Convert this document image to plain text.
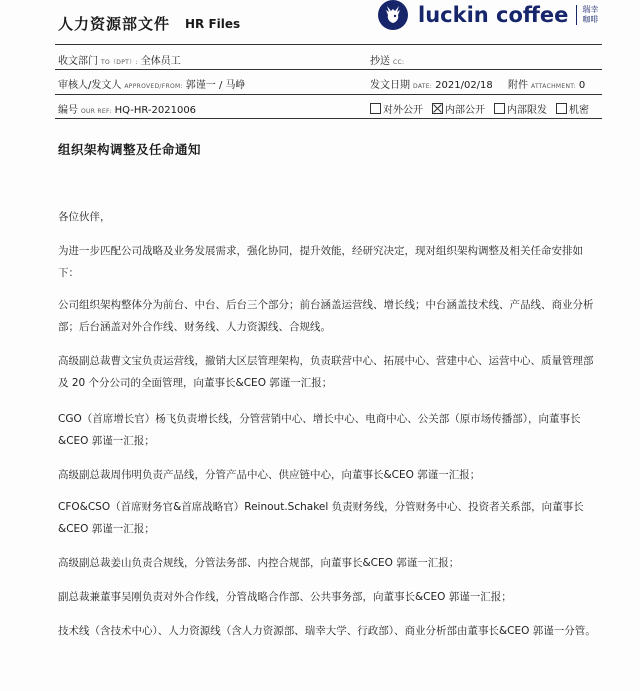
人力资源部文件 HR Files	luckin coffee	瑞幸咖啡
收文部门 TO（DPT）: 全体员工	抄送 CC:
审核人/发文人 APPROVED/FROM: 郭谨一 / 马峥	发文日期 DATE: 2021/02/18 附件 ATTACHMENT: 0
编号 OUR REF: HQ-HR-2021006	对外公开 内部公开 内部限发 机密
组织架构调整及任命通知
各位伙伴，
为进一步匹配公司战略及业务发展需求，强化协同，提升效能，经研究决定，现对组织架构调整及相关任命安排如下：
公司组织架构整体分为前台、中台、后台三个部分；前台涵盖运营线、增长线；中台涵盖技术线、产品线、商业分析部；后台涵盖对外合作线、财务线、人力资源线、合规线。
高级副总裁曹文宝负责运营线，撤销大区层管理架构，负责联营中心、拓展中心、营建中心、运营中心、质量管理部及 20 个分公司的全面管理，向董事长&CEO 郭谨一汇报；
CGO（首席增长官）杨飞负责增长线，分管营销中心、增长中心、电商中心、公关部（原市场传播部），向董事长&CEO 郭谨一汇报；
高级副总裁周伟明负责产品线，分管产品中心、供应链中心，向董事长&CEO 郭谨一汇报；
CFO&CSO（首席财务官&首席战略官）Reinout.Schakel 负责财务线，分管财务中心、投资者关系部，向董事长&CEO 郭谨一汇报；
高级副总裁姜山负责合规线，分管法务部、内控合规部，向董事长&CEO 郭谨一汇报；
副总裁兼董事吴刚负责对外合作线，分管战略合作部、公共事务部，向董事长&CEO 郭谨一汇报；
技术线（含技术中心）、人力资源线（含人力资源部、瑞幸大学、行政部）、商业分析部由董事长&CEO 郭谨一分管。
